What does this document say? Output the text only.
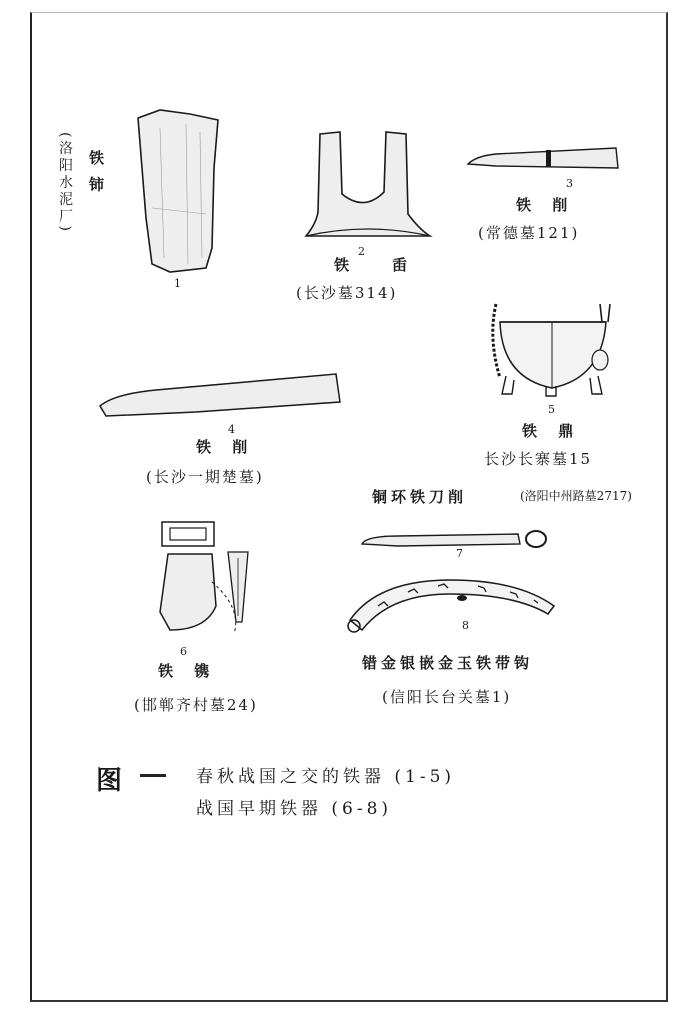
1
铁 铈
(洛阳水泥厂)
铁
2
臿
(长沙墓314)
3
铁 削
(常德墓121)
4
铁 削
(长沙一期楚墓)
5
铁 鼎
长沙长寨墓15
铜环铁刀削	(洛阳中州路墓2717)
6
铁 镌
(邯郸齐村墓24)
7
8
错金银嵌金玉铁带钩
(信阳长台关墓1)
图	春秋战国之交的铁器 (1-5)
战国早期铁器 (6-8)
